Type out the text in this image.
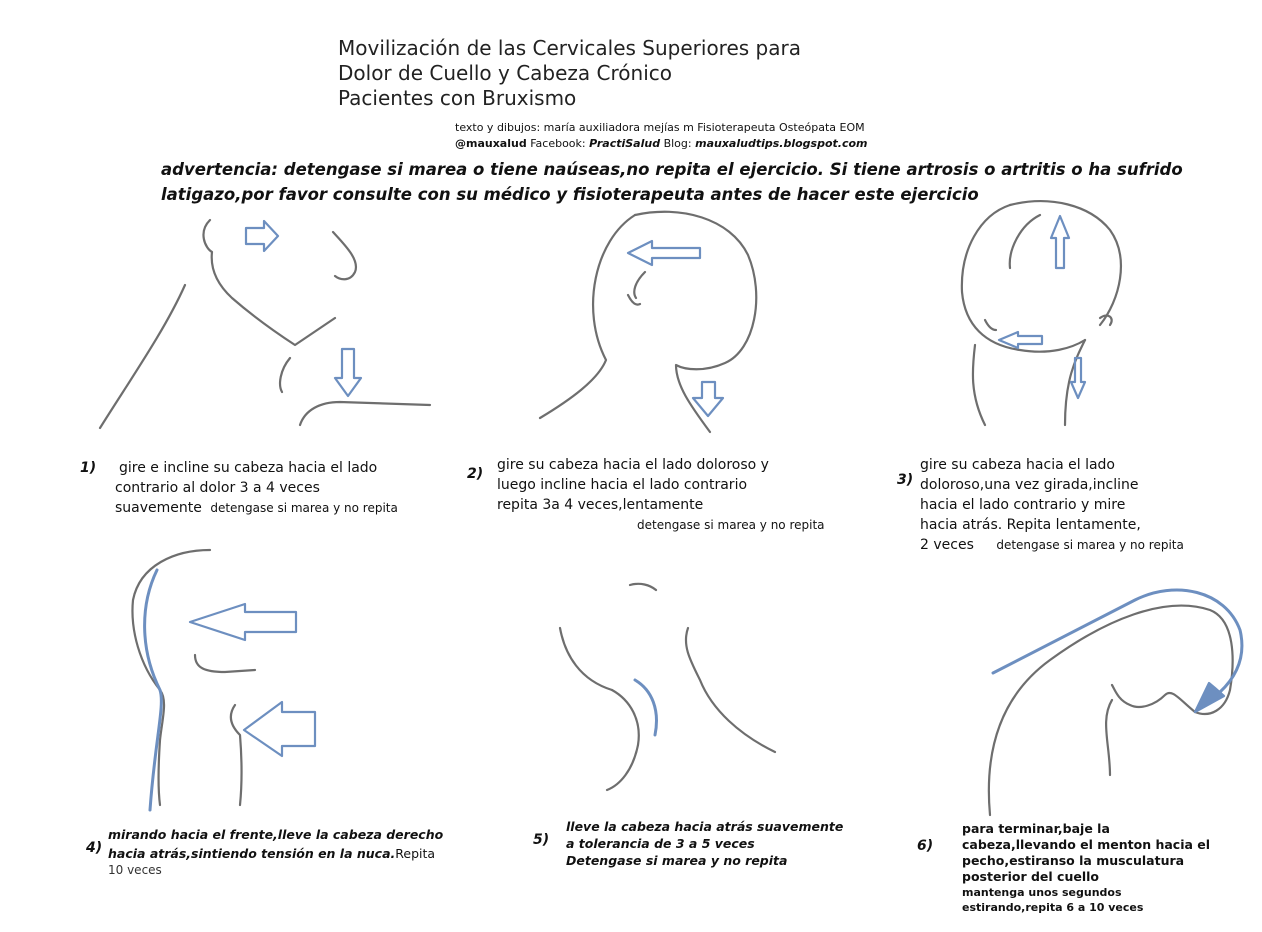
Movilización de las Cervicales Superiores para
Dolor de Cuello y Cabeza Crónico
Pacientes con Bruxismo
texto y dibujos: maría auxiliadora mejías m Fisioterapeuta Osteópata EOM
@mauxalud Facebook: PractiSalud Blog: mauxaludtips.blogspot.com
advertencia: detengase si marea o tiene naúseas,no repita el ejercicio. Si tiene artrosis o artritis o ha sufrido
latigazo,por favor consulte con su médico y fisioterapeuta antes de hacer este ejercicio
1) gire e incline su cabeza hacia el lado
contrario al dolor 3 a 4 veces
suavemente detengase si marea y no repita
2)
gire su cabeza hacia el lado doloroso y
luego incline hacia el lado contrario
repita 3a 4 veces,lentamente
detengase si marea y no repita
3)
gire su cabeza hacia el lado
doloroso,una vez girada,incline
hacia el lado contrario y mire
hacia atrás. Repita lentamente,
2 veces detengase si marea y no repita
4)
mirando hacia el frente,lleve la cabeza derecho
hacia atrás,sintiendo tensión en la nuca.Repita
10 veces
5)
lleve la cabeza hacia atrás suavemente
a tolerancia de 3 a 5 veces
Detengase si marea y no repita
6)
para terminar,baje la
cabeza,llevando el menton hacia el
pecho,estiranso la musculatura
posterior del cuello
mantenga unos segundos
estirando,repita 6 a 10 veces
